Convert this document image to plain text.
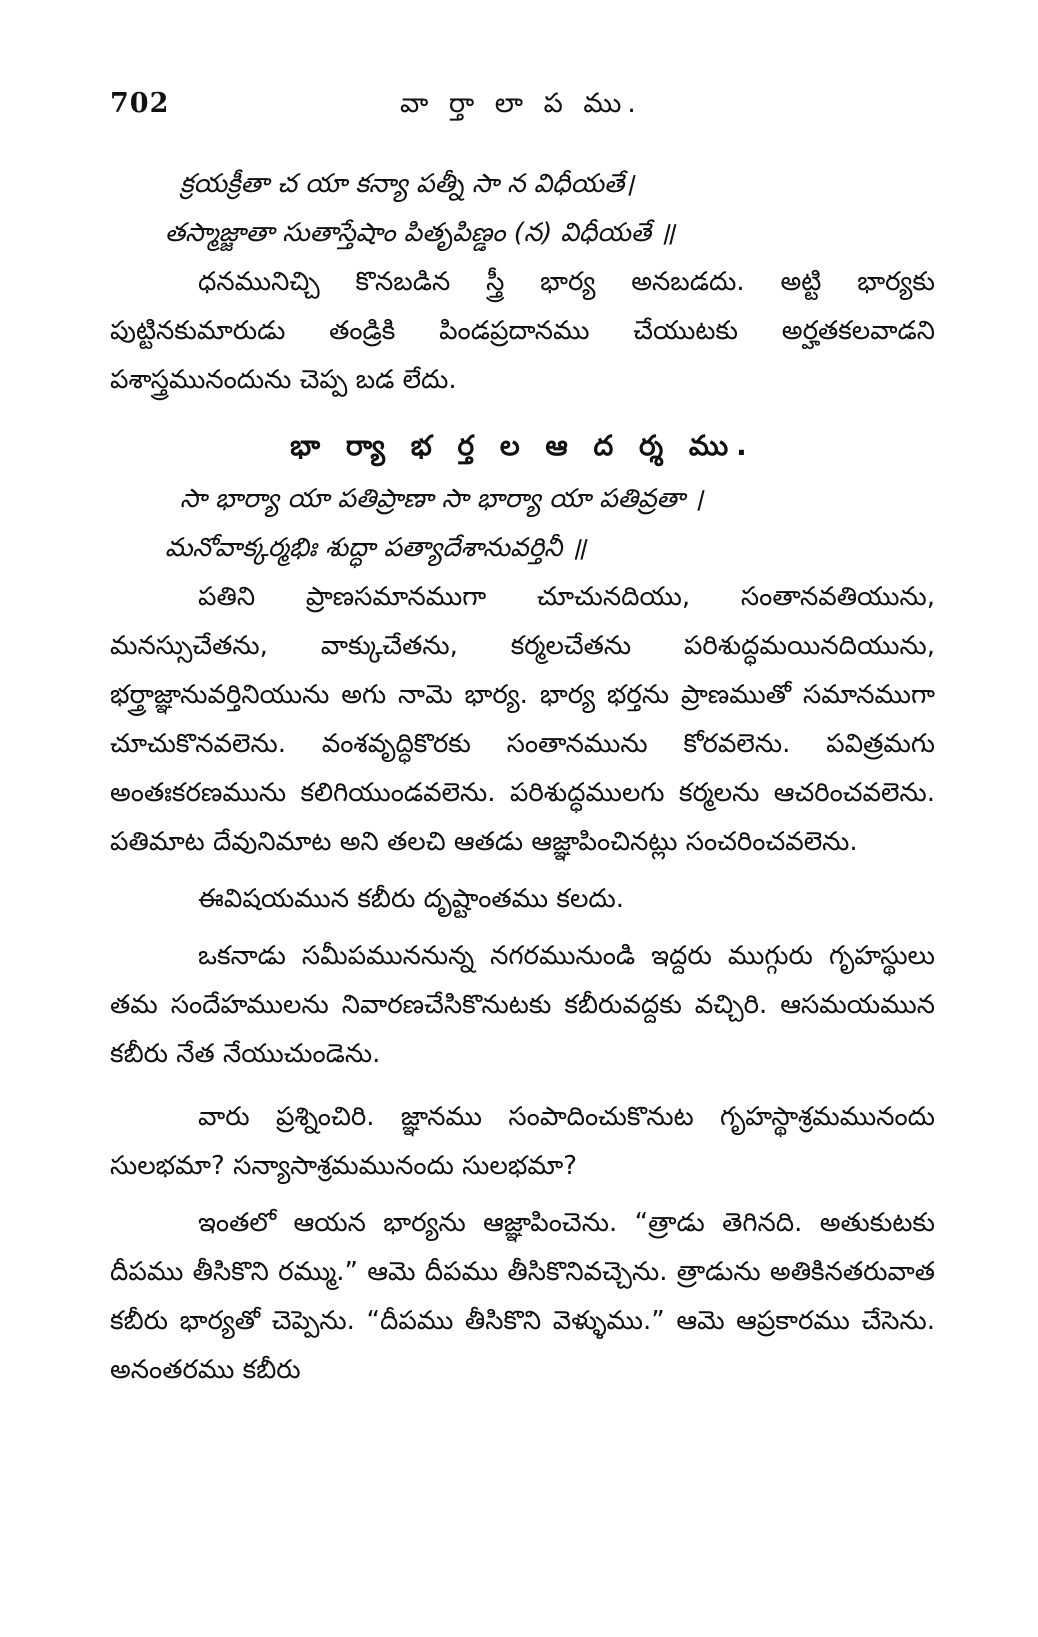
702	వా ర్తా లా ప ము.

క్రయక్రీతా చ యా కన్యా పత్నీ సా న విధీయతే।

తస్మాజ్జాతా సుతాస్తేషాం పితృపిణ్డం (న) విధీయతే ॥

ధనమునిచ్చి కొనబడిన స్త్రీ భార్య అనబడదు. అట్టి భార్యకు పుట్టినకుమారుడు తండ్రికి పిండప్రదానము చేయుటకు అర్హతకలవాడని పశాస్త్రమునందును చెప్ప బడ లేదు.

భా ర్యా భ ర్త ల ఆ ద ర్శ ము.

సా భార్యా యా పతిప్రాణా సా భార్యా యా పతివ్రతా ।

మనోవాక్కర్మభిః శుద్ధా పత్యాదేశానువర్తినీ ॥

పతిని ప్రాణసమానముగా చూచునదియు, సంతానవతియును, మనస్సుచేతను, వాక్కుచేతను, కర్మలచేతను పరిశుద్ధమయినదియును, భర్త్రాజ్ఞానువర్తినియును అగు నామె భార్య. భార్య భర్తను ప్రాణముతో సమానముగా చూచుకొనవలెను. వంశవృద్ధికొరకు సంతానమును కోరవలెను. పవిత్రమగు అంతఃకరణమును కలిగియుండవలెను. పరిశుద్ధములగు కర్మలను ఆచరించవలెను. పతిమాట దేవునిమాట అని తలచి ఆతడు ఆజ్ఞాపించినట్లు సంచరించవలెను.

ఈవిషయమున కబీరు దృష్టాంతము కలదు.

ఒకనాడు సమీపముననున్న నగరమునుండి ఇద్దరు ముగ్గురు గృహస్థులు తమ సందేహములను నివారణచేసికొనుటకు కబీరువద్దకు వచ్చిరి. ఆసమయమున కబీరు నేత నేయుచుండెను.

వారు ప్రశ్నించిరి. జ్ఞానము సంపాదించుకొనుట గృహస్థాశ్రమమునందు సులభమా? సన్యాసాశ్రమమునందు సులభమా?

ఇంతలో ఆయన భార్యను ఆజ్ఞాపించెను. “త్రాడు తెగినది. అతుకుటకు దీపము తీసికొని రమ్ము.” ఆమె దీపము తీసికొనివచ్చెను. త్రాడును అతికినతరువాత కబీరు భార్యతో చెప్పెను. “దీపము తీసికొని వెళ్ళుము.” ఆమె ఆప్రకారము చేసెను. అనంతరము కబీరు
